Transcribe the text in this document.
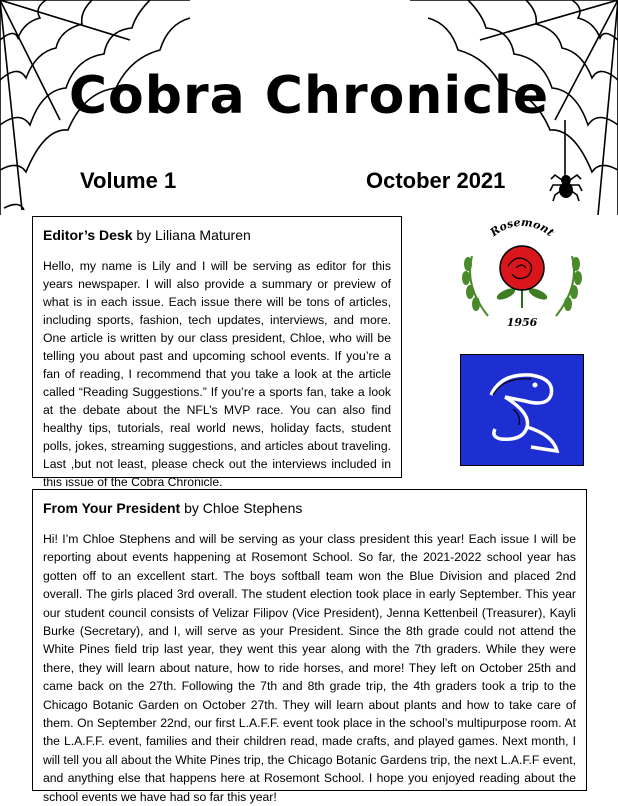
Cobra Chronicle
Volume 1	October 2021
Editor’s Desk by Liliana Maturen

Hello, my name is Lily and I will be serving as editor for this years newspaper. I will also provide a summary or preview of what is in each issue. Each issue there will be tons of articles, including sports, fashion, tech updates, interviews, and more. One article is written by our class president, Chloe, who will be telling you about past and upcoming school events. If you’re a fan of reading, I recommend that you take a look at the article called “Reading Suggestions.” If you’re a sports fan, take a look at the debate about the NFL’s MVP race. You can also find healthy tips, tutorials, real world news, holiday facts, student polls, jokes, streaming suggestions, and articles about traveling. Last ,but not least, please check out the interviews included in this issue of the Cobra Chronicle.

Rosemont
1956
From Your President by Chloe Stephens

Hi! I’m Chloe Stephens and will be serving as your class president this year! Each issue I will be reporting about events happening at Rosemont School. So far, the 2021-2022 school year has gotten off to an excellent start. The boys softball team won the Blue Division and placed 2nd overall. The girls placed 3rd overall. The student election took place in early September. This year our student council consists of Velizar Filipov (Vice President), Jenna Kettenbeil (Treasurer), Kayli Burke (Secretary), and I, will serve as your President. Since the 8th grade could not attend the White Pines field trip last year, they went this year along with the 7th graders. While they were there, they will learn about nature, how to ride horses, and more! They left on October 25th and came back on the 27th. Following the 7th and 8th grade trip, the 4th graders took a trip to the Chicago Botanic Garden on October 27th. They will learn about plants and how to take care of them. On September 22nd, our first L.A.F.F. event took place in the school’s multipurpose room. At the L.A.F.F. event, families and their children read, made crafts, and played games. Next month, I will tell you all about the White Pines trip, the Chicago Botanic Gardens trip, the next L.A.F.F event, and anything else that happens here at Rosemont School. I hope you enjoyed reading about the school events we have had so far this year!
